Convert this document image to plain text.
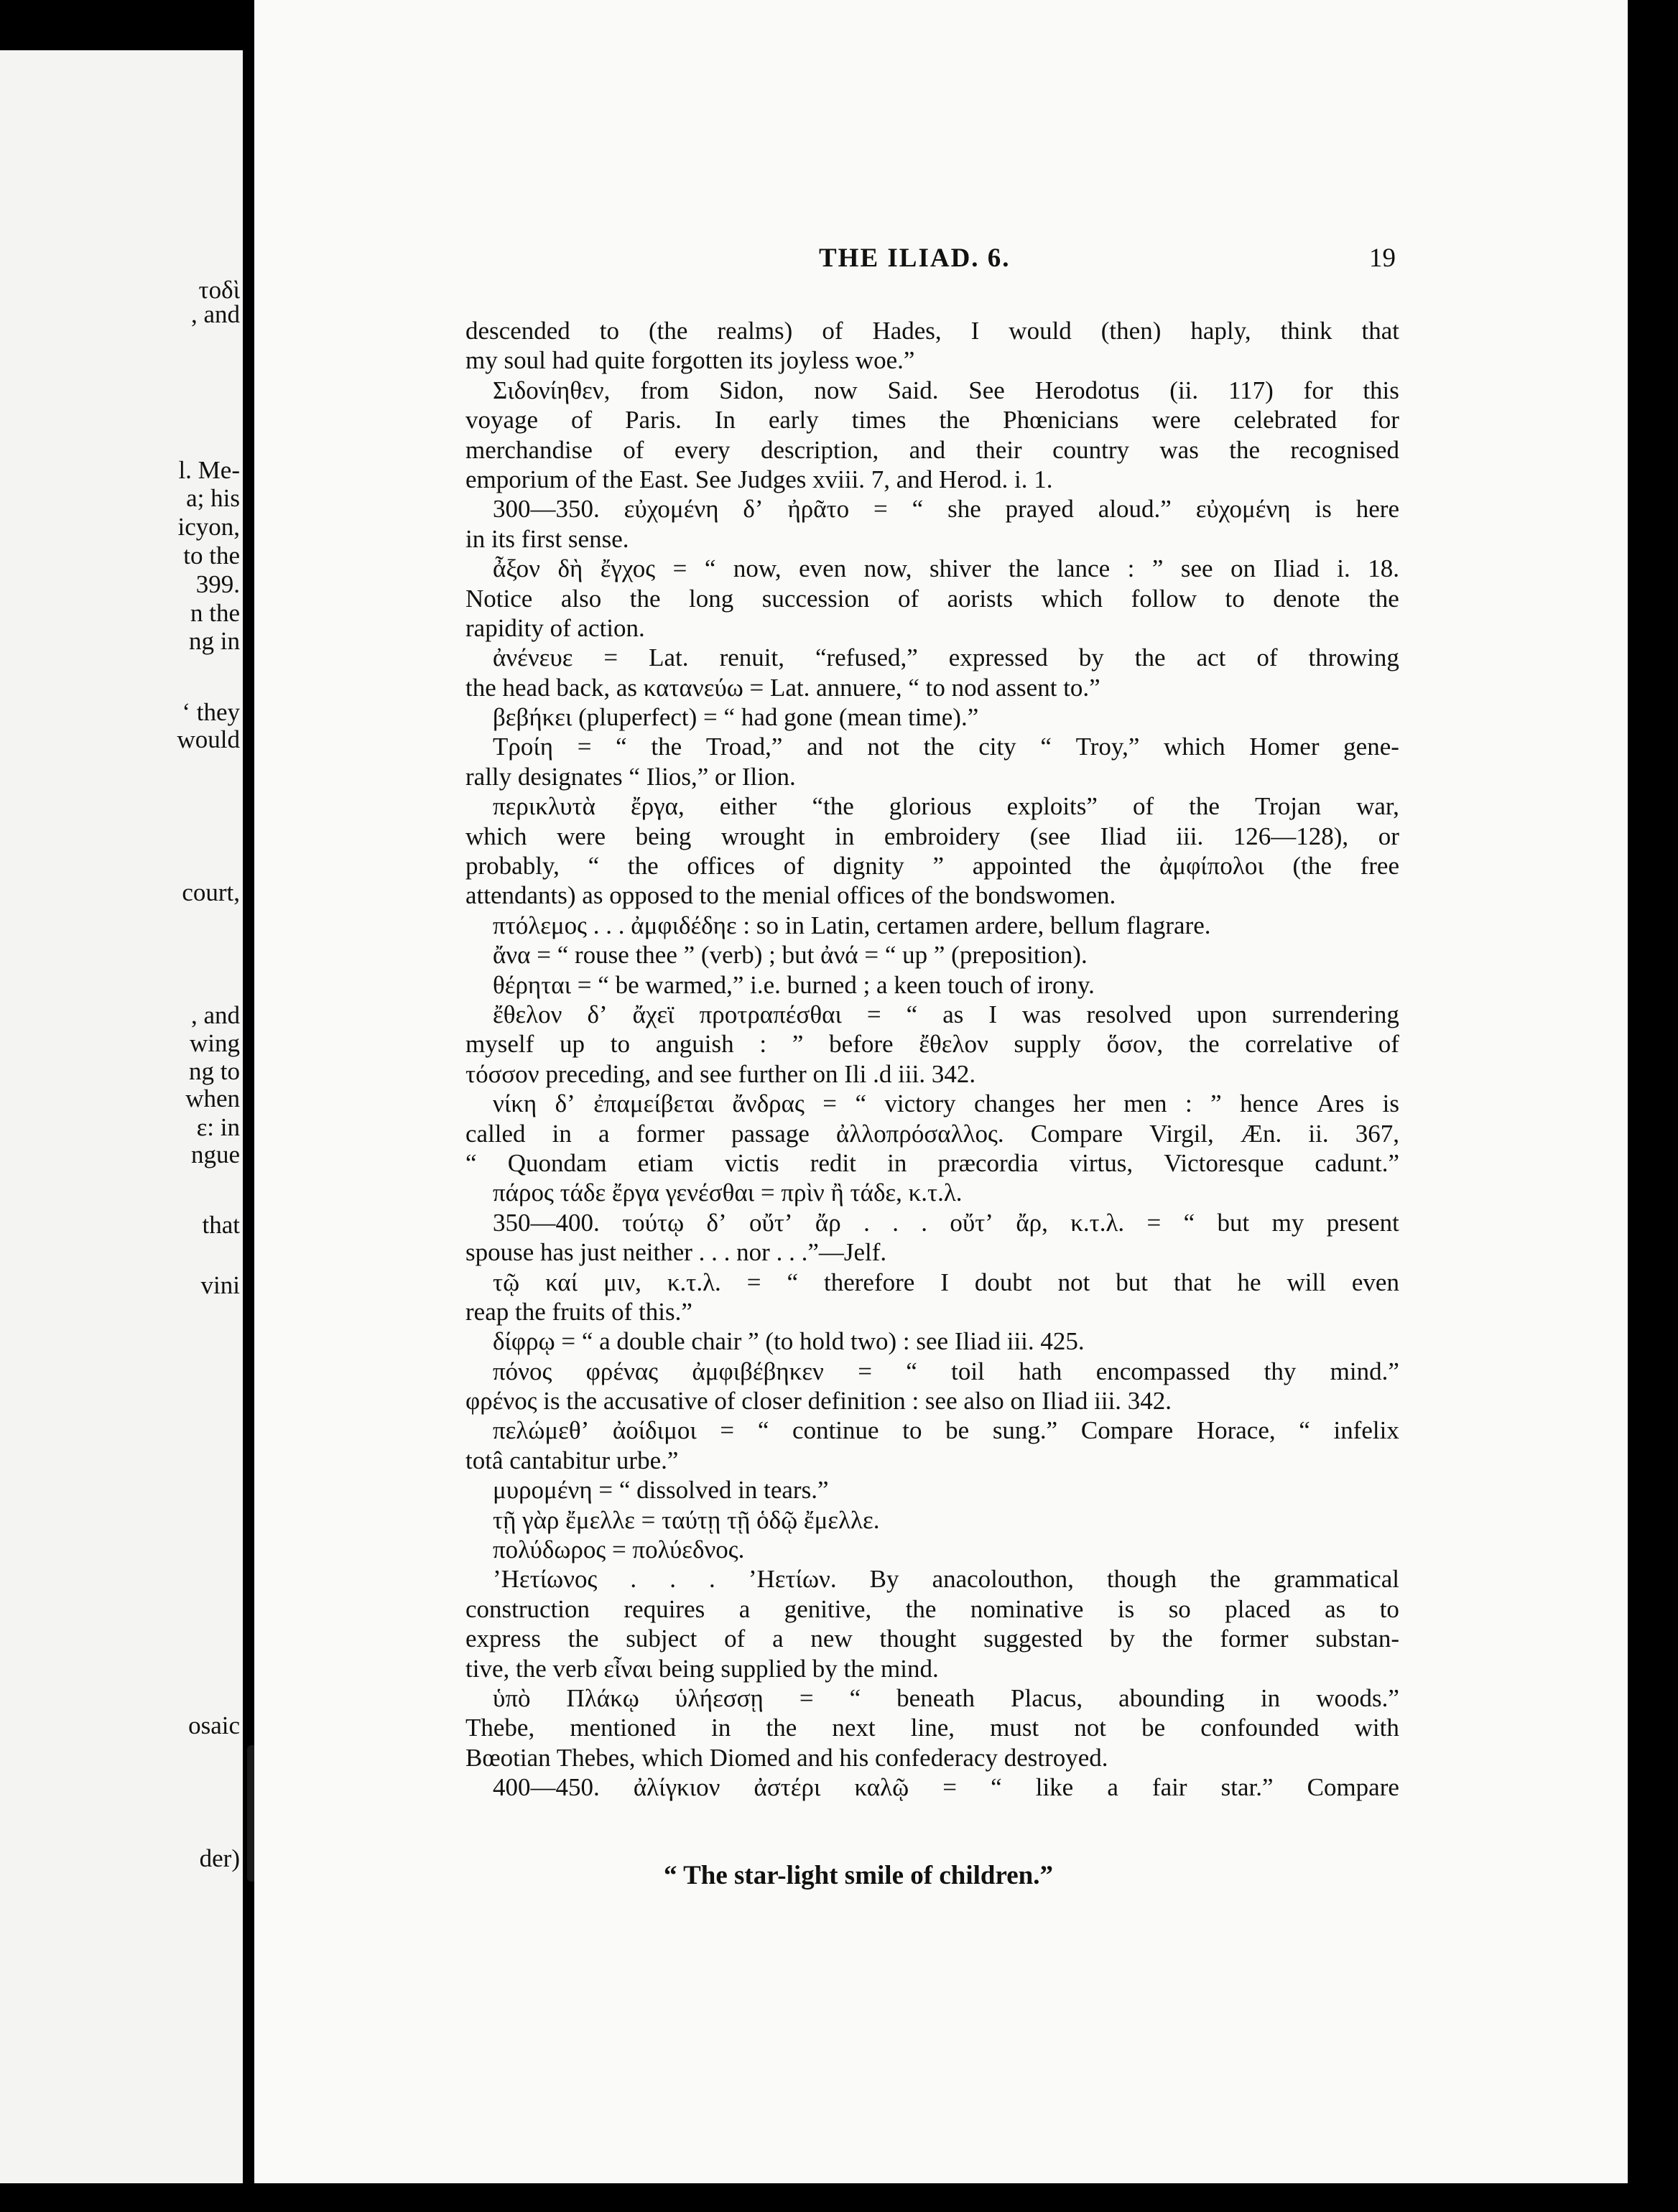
τοδὶ
, and
l. Me-
a; his
icyon,
to the
399.
n the
ng in
‘ they
would
court,
, and
wing
ng to
when
ε: in
ngue
that
vini
osaic
der)
THE ILIAD. 6.	19
descended to (the realms) of Hades, I would (then) haply, think that
my soul had quite forgotten its joyless woe.”
Σιδονίηθεν, from Sidon, now Said. See Herodotus (ii. 117) for this
voyage of Paris. In early times the Phœnicians were celebrated for
merchandise of every description, and their country was the recognised
emporium of the East. See Judges xviii. 7, and Herod. i. 1.
300—350. εὐχομένη δ’ ἠρᾶτο = “ she prayed aloud.” εὐχομένη is here
in its first sense.
ἆξον δὴ ἔγχος = “ now, even now, shiver the lance : ” see on Iliad i. 18.
Notice also the long succession of aorists which follow to denote the
rapidity of action.
ἀνένευε = Lat. renuit, “refused,” expressed by the act of throwing
the head back, as κατανεύω = Lat. annuere, “ to nod assent to.”
βεβήκει (pluperfect) = “ had gone (mean time).”
Τροίη = “ the Troad,” and not the city “ Troy,” which Homer gene-
rally designates “ Ilios,” or Ilion.
περικλυτὰ ἔργα, either “the glorious exploits” of the Trojan war,
which were being wrought in embroidery (see Iliad iii. 126—128), or
probably, “ the offices of dignity ” appointed the ἀμφίπολοι (the free
attendants) as opposed to the menial offices of the bondswomen.
πτόλεμος . . . ἀμφιδέδηε : so in Latin, certamen ardere, bellum flagrare.
ἄνα = “ rouse thee ” (verb) ; but ἀνά = “ up ” (preposition).
θέρηται = “ be warmed,” i.e. burned ; a keen touch of irony.
ἔθελον δ’ ἄχεϊ προτραπέσθαι = “ as I was resolved upon surrendering
myself up to anguish : ” before ἔθελον supply ὅσον, the correlative of
τόσσον preceding, and see further on Ili .d iii. 342.
νίκη δ’ ἐπαμείβεται ἄνδρας = “ victory changes her men : ” hence Ares is
called in a former passage ἀλλοπρόσαλλος. Compare Virgil, Æn. ii. 367,
“ Quondam etiam victis redit in præcordia virtus, Victoresque cadunt.”
πάρος τάδε ἔργα γενέσθαι = πρὶν ἢ τάδε, κ.τ.λ.
350—400. τούτῳ δ’ οὔτ’ ἄρ . . . οὔτ’ ἄρ, κ.τ.λ. = “ but my present
spouse has just neither . . . nor . . .”—Jelf.
τῷ καί μιν, κ.τ.λ. = “ therefore I doubt not but that he will even
reap the fruits of this.”
δίφρῳ = “ a double chair ” (to hold two) : see Iliad iii. 425.
πόνος φρένας ἀμφιβέβηκεν = “ toil hath encompassed thy mind.”
φρένος is the accusative of closer definition : see also on Iliad iii. 342.
πελώμεθ’ ἀοίδιμοι = “ continue to be sung.” Compare Horace, “ infelix
totâ cantabitur urbe.”
μυρομένη = “ dissolved in tears.”
τῇ γὰρ ἔμελλε = ταύτῃ τῇ ὁδῷ ἔμελλε.
πολύδωρος = πολύεδνος.
’Ηετίωνος . . . ’Ηετίων. By anacolouthon, though the grammatical
construction requires a genitive, the nominative is so placed as to
express the subject of a new thought suggested by the former substan-
tive, the verb εἶναι being supplied by the mind.
ὑπὸ Πλάκῳ ὑλήεσσῃ = “ beneath Placus, abounding in woods.”
Thebe, mentioned in the next line, must not be confounded with
Bœotian Thebes, which Diomed and his confederacy destroyed.
400—450. ἀλίγκιον ἀστέρι καλῷ = “ like a fair star.” Compare
“ The star-light smile of children.”
